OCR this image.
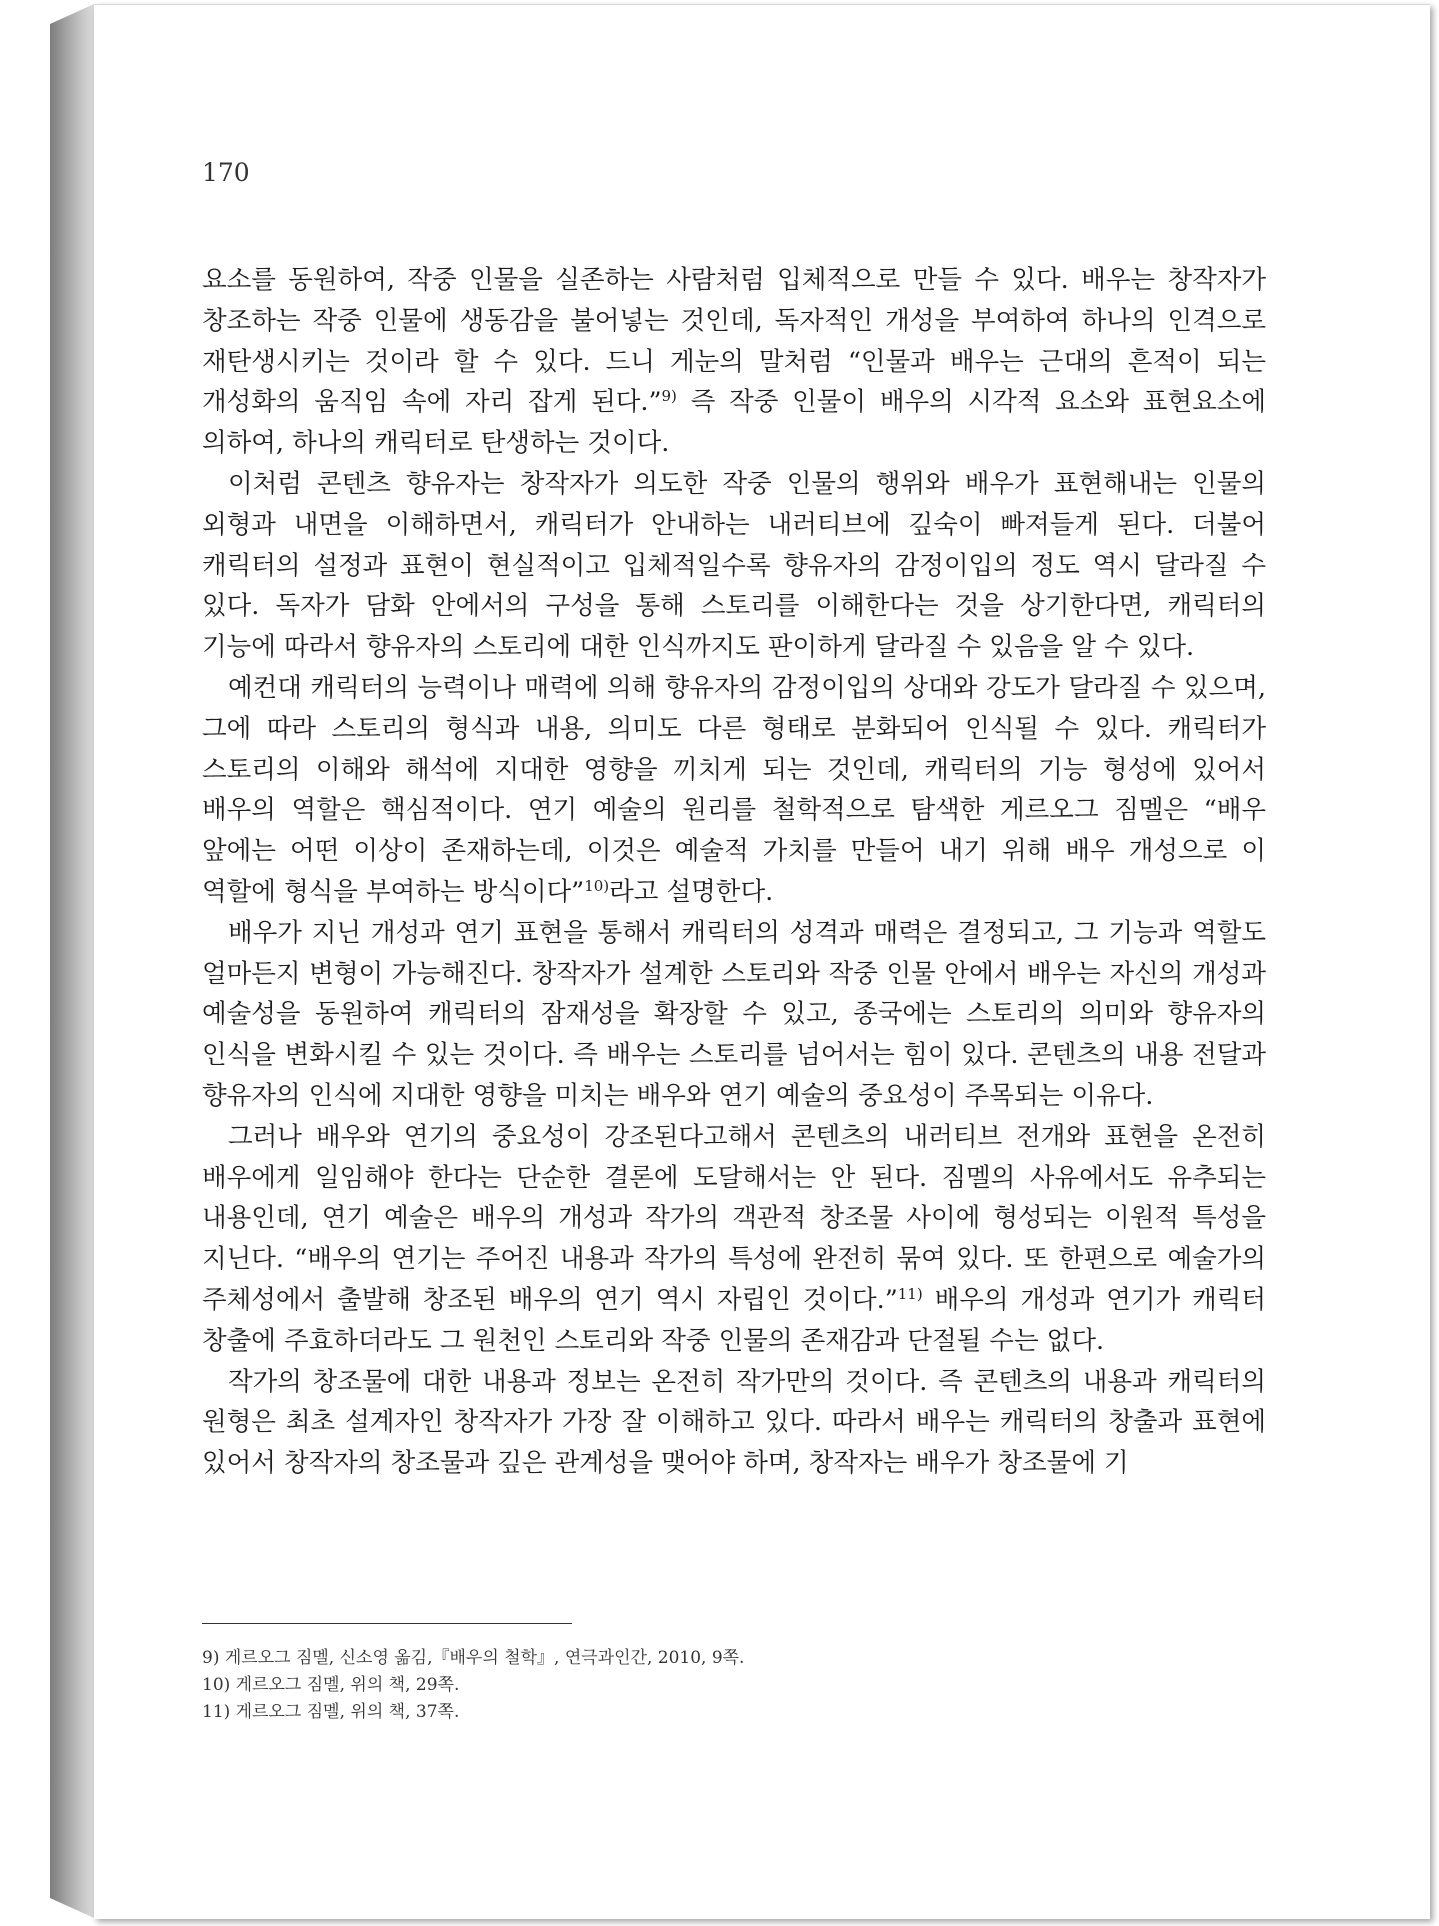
170

요소를 동원하여, 작중 인물을 실존하는 사람처럼 입체적으로 만들 수 있다. 배우는 창작자가 창조하는 작중 인물에 생동감을 불어넣는 것인데, 독자적인 개성을 부여하여 하나의 인격으로 재탄생시키는 것이라 할 수 있다. 드니 게눈의 말처럼 “인물과 배우는 근대의 흔적이 되는 개성화의 움직임 속에 자리 잡게 된다.”$^{9)}$ 즉 작중 인물이 배우의 시각적 요소와 표현요소에 의하여, 하나의 캐릭터로 탄생하는 것이다.

이처럼 콘텐츠 향유자는 창작자가 의도한 작중 인물의 행위와 배우가 표현해내는 인물의 외형과 내면을 이해하면서, 캐릭터가 안내하는 내러티브에 깊숙이 빠져들게 된다. 더불어 캐릭터의 설정과 표현이 현실적이고 입체적일수록 향유자의 감정이입의 정도 역시 달라질 수 있다. 독자가 담화 안에서의 구성을 통해 스토리를 이해한다는 것을 상기한다면, 캐릭터의 기능에 따라서 향유자의 스토리에 대한 인식까지도 판이하게 달라질 수 있음을 알 수 있다.

예컨대 캐릭터의 능력이나 매력에 의해 향유자의 감정이입의 상대와 강도가 달라질 수 있으며, 그에 따라 스토리의 형식과 내용, 의미도 다른 형태로 분화되어 인식될 수 있다. 캐릭터가 스토리의 이해와 해석에 지대한 영향을 끼치게 되는 것인데, 캐릭터의 기능 형성에 있어서 배우의 역할은 핵심적이다. 연기 예술의 원리를 철학적으로 탐색한 게르오그 짐멜은 “배우 앞에는 어떤 이상이 존재하는데, 이것은 예술적 가치를 만들어 내기 위해 배우 개성으로 이 역할에 형식을 부여하는 방식이다”$^{10)}$라고 설명한다.

배우가 지닌 개성과 연기 표현을 통해서 캐릭터의 성격과 매력은 결정되고, 그 기능과 역할도 얼마든지 변형이 가능해진다. 창작자가 설계한 스토리와 작중 인물 안에서 배우는 자신의 개성과 예술성을 동원하여 캐릭터의 잠재성을 확장할 수 있고, 종국에는 스토리의 의미와 향유자의 인식을 변화시킬 수 있는 것이다. 즉 배우는 스토리를 넘어서는 힘이 있다. 콘텐츠의 내용 전달과 향유자의 인식에 지대한 영향을 미치는 배우와 연기 예술의 중요성이 주목되는 이유다.

그러나 배우와 연기의 중요성이 강조된다고해서 콘텐츠의 내러티브 전개와 표현을 온전히 배우에게 일임해야 한다는 단순한 결론에 도달해서는 안 된다. 짐멜의 사유에서도 유추되는 내용인데, 연기 예술은 배우의 개성과 작가의 객관적 창조물 사이에 형성되는 이원적 특성을 지닌다. “배우의 연기는 주어진 내용과 작가의 특성에 완전히 묶여 있다. 또 한편으로 예술가의 주체성에서 출발해 창조된 배우의 연기 역시 자립인 것이다.”$^{11)}$ 배우의 개성과 연기가 캐릭터 창출에 주효하더라도 그 원천인 스토리와 작중 인물의 존재감과 단절될 수는 없다.

작가의 창조물에 대한 내용과 정보는 온전히 작가만의 것이다. 즉 콘텐츠의 내용과 캐릭터의 원형은 최초 설계자인 창작자가 가장 잘 이해하고 있다. 따라서 배우는 캐릭터의 창출과 표현에 있어서 창작자의 창조물과 깊은 관계성을 맺어야 하며, 창작자는 배우가 창조물에 기

9) 게르오그 짐멜, 신소영 옮김,『배우의 철학』, 연극과인간, 2010, 9쪽.
10) 게르오그 짐멜, 위의 책, 29쪽.
11) 게르오그 짐멜, 위의 책, 37쪽.
